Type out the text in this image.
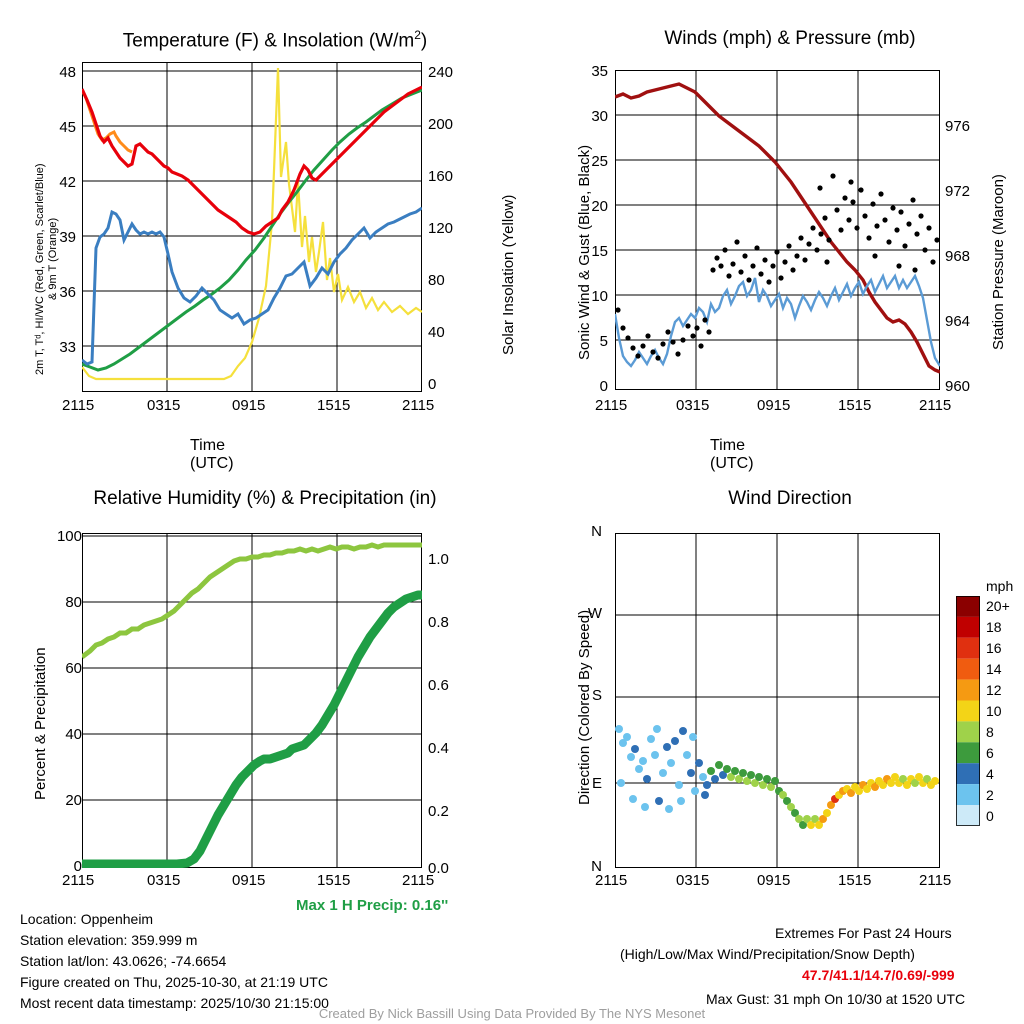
Temperature (F) & Insolation $(W/m^2)$
2m T, Tᵈ, HI/WC (Red, Green, Scarlet/Blue) & 9m T (Orange)	Solar Insolation (Yellow)
48
45
42
39
36
33
240
200
160
120
80
40
0
2115	0315	0915	1515	2115
Time (UTC)
Winds (mph) & Pressure (mb)
Sonic Wind & Gust (Blue, Black)	Station Pressure (Maroon)
35
30
25
20
15
10
5
0
976
972
968
964
960
2115	0315	0915	1515	2115
Time (UTC)
Relative Humidity (%) & Precipitation (in)
Percent & Precipitation
100
80
60
40
20
0
1.0
0.8
0.6
0.4
0.2
0.0
2115	0315	0915	1515	2115
Max 1 H Precip: 0.16''
Wind Direction
Direction (Colored By Speed)
N
W
S
E
N
2115	0315	0915	1515	2115
mph
20+
18
16
14
12
10
8
6
4
2
0
Location: Oppenheim
Station elevation: 359.999 m
Station lat/lon: 43.0626; -74.6654
Figure created on Thu, 2025-10-30, at 21:19 UTC
Most recent data timestamp: 2025/10/30 21:15:00
Extremes For Past 24 Hours
(High/Low/Max Wind/Precipitation/Snow Depth)
47.7/41.1/14.7/0.69/-999
Max Gust: 31 mph On 10/30 at 1520 UTC
Created By Nick Bassill Using Data Provided By The NYS Mesonet
